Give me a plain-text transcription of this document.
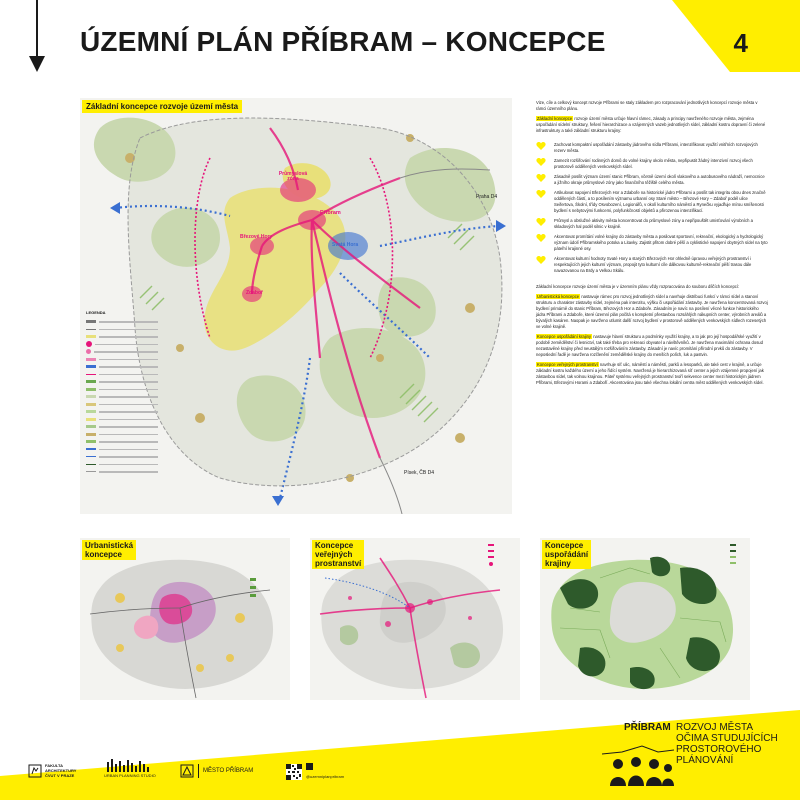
ÚZEMNÍ PLÁN PŘÍBRAM – KONCEPCE	4
Průmyslová zóna
Příbram
Březové Hory
Svatá Hora
Zdaboř
Praha D4
Písek, ČB D4
LEGENDA
Základní koncepce rozvoje území města	Vize, cíle a celkový koncept rozvoje Příbrami se staly základem pro rozpracování jednotlivých koncepcí rozvoje města v rámci územního plánu.

Základní koncepce rozvoje území města určuje hlavní rámec, zásady a principy navrženého rozvoje města, zejména uspořádání sídelní struktury, řešení hierarchizace a vzájemných vazeb jednotlivých sídel, základní kostru dopravní či zelené infrastruktury a také základní strukturu krajiny:

Zachovat kompaktní uspořádání zástavby jádrového sídla Příbrami, intenzifikovat využití vnitřních rozvojových rezerv města.
Zamezit rozšiřování rodinných domů do volné krajiny okolo města, nepřipustit žádný intenzivní rozvoj všech prostorově oddělených venkovských sídel.
Zásadně posílit význam území stanic Příbram, včetně území okolí vlakového a autobusového nádraží, nemocnice a jižního okraje průmyslové zóny jako finančního těžiště celého města.
Artikulovat napojení Březových Hor a Zdaboře na historické jádro Příbrami a posílit tak integritu obou dnes značně oddělených částí, a to posílením významu urbanní osy Staré město – Březové Hory – Zdaboř podél ulice Seifertova, Školní, třídy Osvobození, Legionářů, v okolí kulturního náměstí a Rynečku vyjadřuje mírou smíšenosti bydlení s nebytovými funkcemi, polyfunkčností objektů a přirozenou intenzifikací.
Průmysl a obslužné aktivity města koncentrovat do průmyslové zóny a nepřipouštět umisťování výrobních a skladových hal podél silnic v krajině.
Akcentovat promítání volné krajiny do zástavby města a posilovat sportovní, rekreační, ekologický a hydrologický význam údolí Příbramského potoka a Litavky. Zajistit přitom dobré pěší a cyklistické napojení obytných sídel na tyto páteřní krajinné osy.
Akcentovat kulturní hodnoty Svaté Hory a starých Březových Hor ohledně úpravou veřejných prostranství i respektujících jejich kulturní význam, propojit tyto kulturní cíle dálkovou kulturně-rekreační pěší trasou dále navazovanou na Brdy a Velkou Skálu.

Základní koncepce rozvoje území města je v územním plánu vždy rozpracována do souboru dílčích koncepcí:

Urbanistická koncepce nastavuje rámec pro rozvoj jednotlivých sídel a navrhuje distribuci funkcí v rámci sídel a stanoví strukturu a charakter zástavby sídel, zejména pak intenzitu, výšku či uspořádání zástavby. Je navržena koncentrovaná rozvoj bydlení primárně do stanic Příbram, Březových Hor a Zdaboře. Zásadním je navíc na posílení věcné funkce historického jádra Příbrami a Zdaboře, které územní plán počítá s kompletní přestavbou rozsáhlých nákupních center, výrobních areálů a bývalých kasáren. Naopak je navrženo utlumit další rozvoj bydlení v prostorově oddělených venkovských sídlech rozesetých ve volné krajině.

Koncepce uspořádání krajiny nastavuje hlavní strukturu a podmínky využití krajiny, a to jak pro její hospodářské využití v podobě zemědělství či lesnictví, tak také třeba pro rekreaci obyvatel a návštěvníků. Je navržena maximální ochrana dosud nezastavěné krajiny před neustálým rozšiřováním zástavby. Zásadní je navíc promítání přírodní prvků do zástavby. V neposlední řadě je navržena rozčlenění zemědělské krajiny do menších polích, luk a pastvin.

Koncepce veřejných prostranství navrhuje síť ulic, náměstí a náměstí, parků a lesoparků, ale také cest v krajině, a určuje základní kostru každého území a jeho řídící systém. Navržená je hierarchizovaná síť center a jejich vzájemné propojení jak zástavbou sídel, tak volnou krajinou. Páteř systému veřejných prostranství tvoří sekvence center mezi historickým jádrem Příbrami, Březovými Horami a Zdaboří. Akcentována jsou také všechna lokální centra měst oddělených venkovských sídel.

Urbanistická
koncepce
Koncepce
veřejných
prostranství
Koncepce
uspořádání
krajiny
FAKULTA
ARCHITEKTURY
ČVUT V PRAZE	URBAN PLANNING STUDIO
MĚSTO PŘÍBRAM
@uzemniplanpribram
PŘÍBRAM ROZVOJ MĚSTA
OČIMA STUDUJÍCÍCH
PROSTOROVÉHO
PLÁNOVÁNÍ
